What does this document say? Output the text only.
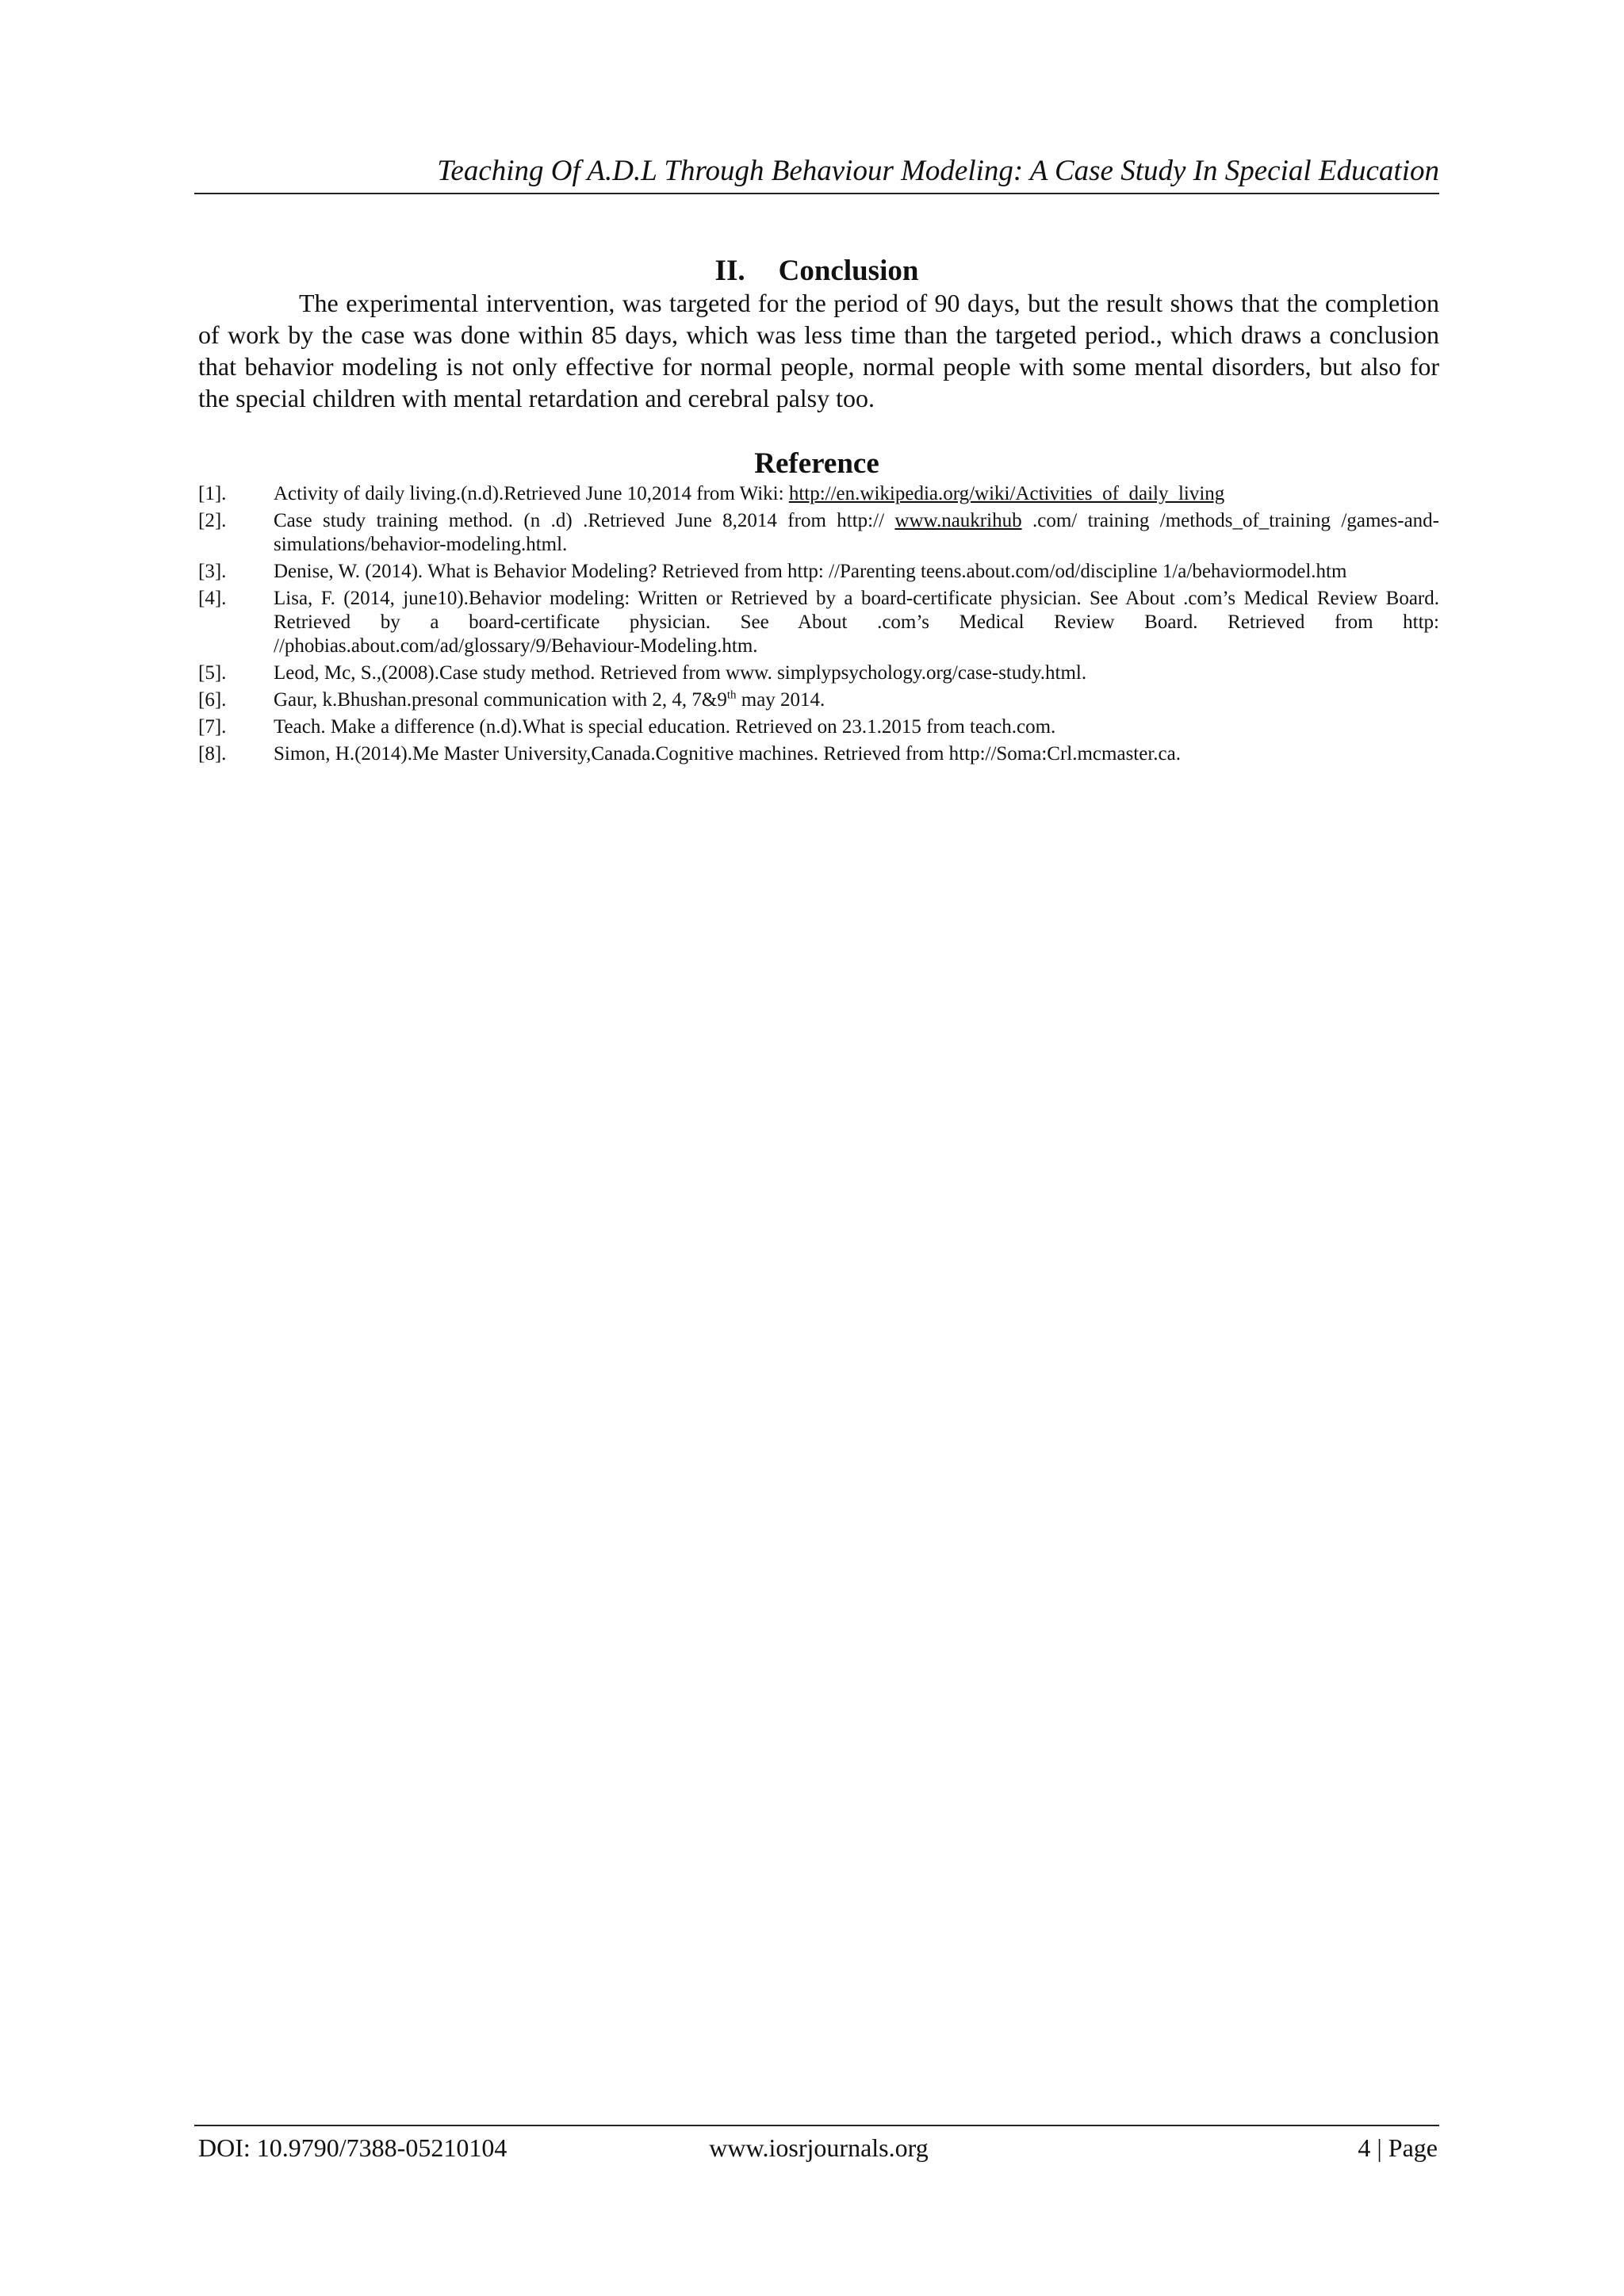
Teaching Of A.D.L Through Behaviour Modeling: A Case Study In Special Education
II. Conclusion

The experimental intervention, was targeted for the period of 90 days, but the result shows that the completion of work by the case was done within 85 days, which was less time than the targeted period., which draws a conclusion that behavior modeling is not only effective for normal people, normal people with some mental disorders, but also for the special children with mental retardation and cerebral palsy too.

Reference
[1].	Activity of daily living.(n.d).Retrieved June 10,2014 from Wiki: http://en.wikipedia.org/wiki/Activities_of_daily_living
[2].	Case study training method. (n .d) .Retrieved June 8,2014 from http:// www.naukrihub .com/ training /methods_of_training /games-and-simulations/behavior-modeling.html.
[3].	Denise, W. (2014). What is Behavior Modeling? Retrieved from http: //Parenting teens.about.com/od/discipline 1/a/behaviormodel.htm
[4].	Lisa, F. (2014, june10).Behavior modeling: Written or Retrieved by a board-certificate physician. See About .com’s Medical Review Board. Retrieved by a board-certificate physician. See About .com’s Medical Review Board. Retrieved from http: //phobias.about.com/ad/glossary/9/Behaviour-Modeling.htm.
[5].	Leod, Mc, S.,(2008).Case study method. Retrieved from www. simplypsychology.org/case-study.html.
[6].	Gaur, k.Bhushan.presonal communication with 2, 4, 7&9th may 2014.
[7].	Teach. Make a difference (n.d).What is special education. Retrieved on 23.1.2015 from teach.com.
[8].	Simon, H.(2014).Me Master University,Canada.Cognitive machines. Retrieved from http://Soma:Crl.mcmaster.ca.
DOI: 10.9790/7388-05210104	www.iosrjournals.org	4 | Page
